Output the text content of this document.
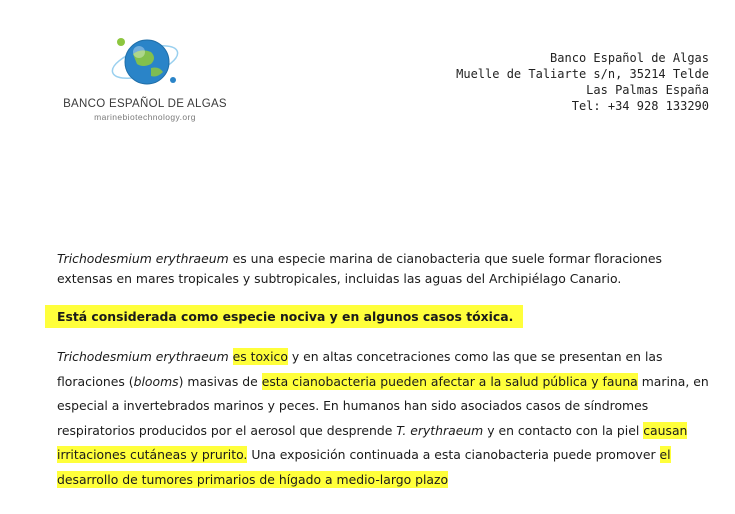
BANCO ESPAÑOL DE ALGAS
marinebiotechnology.org
Banco Español de Algas
Muelle de Taliarte s/n, 35214 Telde
Las Palmas España
Tel: +34 928 133290

Trichodesmium erythraeum es una especie marina de cianobacteria que suele formar floraciones extensas en mares tropicales y subtropicales, incluidas las aguas del Archipiélago Canario.

Está considerada como especie nociva y en algunos casos tóxica.

Trichodesmium erythraeum es toxico y en altas concetraciones como las que se presentan en las floraciones (blooms) masivas de esta cianobacteria pueden afectar a la salud pública y fauna marina, en especial a invertebrados marinos y peces. En humanos han sido asociados casos de síndromes respiratorios producidos por el aerosol que desprende T. erythraeum y en contacto con la piel causan irritaciones cutáneas y prurito. Una exposición continuada a esta cianobacteria puede promover el desarrollo de tumores primarios de hígado a medio-largo plazo
